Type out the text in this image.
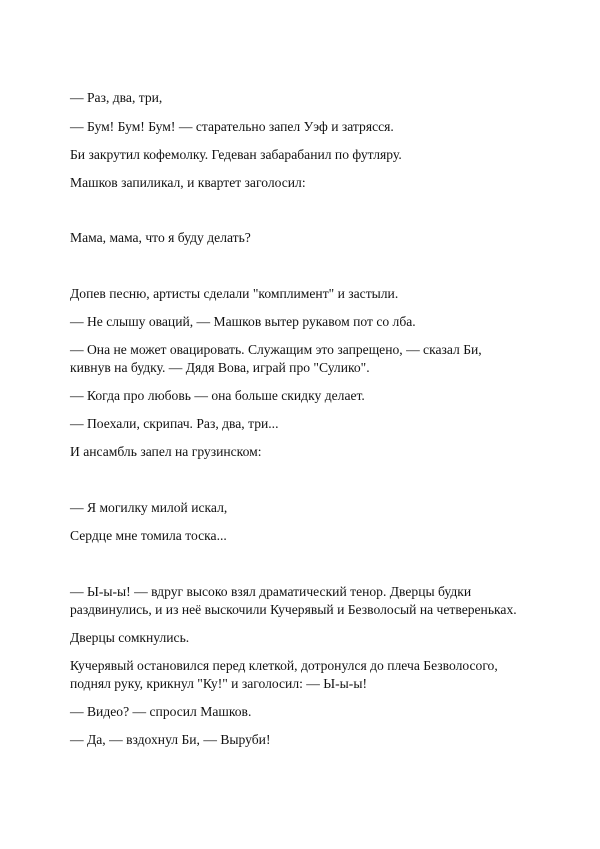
— Раз, два, три,

— Бум! Бум! Бум! — старательно запел Уэф и затрясся.

Би закрутил кофемолку. Гедеван забарабанил по футляру.

Машков запиликал, и квартет заголосил:

Мама, мама, что я буду делать?

Допев песню, артисты сделали "комплимент" и застыли.

— Не слышу оваций, — Машков вытер рукавом пот со лба.

— Она не может овацировать. Служащим это запрещено, — сказал Би,

кивнув на будку. — Дядя Вова, играй про "Сулико".

— Когда про любовь — она больше скидку делает.

— Поехали, скрипач. Раз, два, три...

И ансамбль запел на грузинском:

— Я могилку милой искал,

Сердце мне томила тоска...

— Ы-ы-ы! — вдруг высоко взял драматический тенор. Дверцы будки

раздвинулись, и из неё выскочили Кучерявый и Безволосый на четвереньках.

Дверцы сомкнулись.

Кучерявый остановился перед клеткой, дотронулся до плеча Безволосого,

поднял руку, крикнул "Ку!" и заголосил: — Ы-ы-ы!

— Видео? — спросил Машков.

— Да, — вздохнул Би, — Выруби!
